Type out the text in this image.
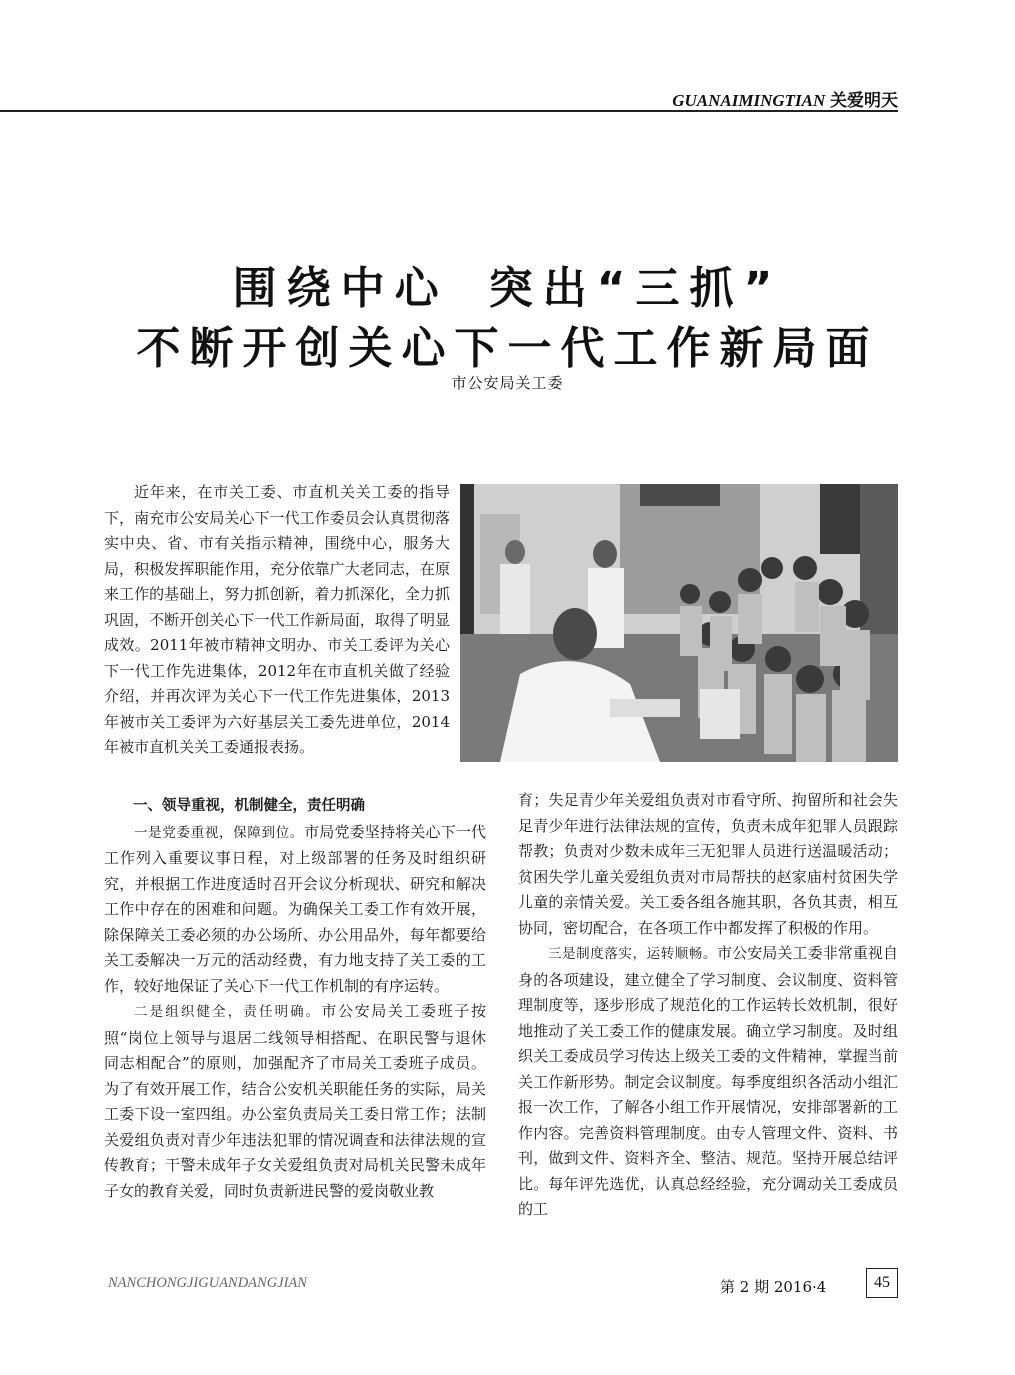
GUANAIMINGTIAN 关爱明天
围绕中心 突出“三抓”
不断开创关心下一代工作新局面
市公安局关工委

近年来，在市关工委、市直机关关工委的指导下，南充市公安局关心下一代工作委员会认真贯彻落实中央、省、市有关指示精神，围绕中心，服务大局，积极发挥职能作用，充分依靠广大老同志，在原来工作的基础上，努力抓创新，着力抓深化，全力抓巩固，不断开创关心下一代工作新局面，取得了明显成效。2011年被市精神文明办、市关工委评为关心下一代工作先进集体，2012年在市直机关做了经验介绍，并再次评为关心下一代工作先进集体，2013年被市关工委评为六好基层关工委先进单位，2014年被市直机关关工委通报表扬。

一、领导重视，机制健全，责任明确

一是党委重视，保障到位。市局党委坚持将关心下一代工作列入重要议事日程，对上级部署的任务及时组织研究，并根据工作进度适时召开会议分析现状、研究和解决工作中存在的困难和问题。为确保关工委工作有效开展，除保障关工委必须的办公场所、办公用品外，每年都要给关工委解决一万元的活动经费，有力地支持了关工委的工作，较好地保证了关心下一代工作机制的有序运转。

二是组织健全，责任明确。市公安局关工委班子按照“岗位上领导与退居二线领导相搭配、在职民警与退休同志相配合”的原则，加强配齐了市局关工委班子成员。为了有效开展工作，结合公安机关职能任务的实际，局关工委下设一室四组。办公室负责局关工委日常工作；法制关爱组负责对青少年违法犯罪的情况调查和法律法规的宣传教育；干警未成年子女关爱组负责对局机关民警未成年子女的教育关爱，同时负责新进民警的爱岗敬业教

育；失足青少年关爱组负责对市看守所、拘留所和社会失足青少年进行法律法规的宣传，负责未成年犯罪人员跟踪帮教；负责对少数未成年三无犯罪人员进行送温暖活动；贫困失学儿童关爱组负责对市局帮扶的赵家庙村贫困失学儿童的亲情关爱。关工委各组各施其职，各负其责，相互协同，密切配合，在各项工作中都发挥了积极的作用。

三是制度落实，运转顺畅。市公安局关工委非常重视自身的各项建设，建立健全了学习制度、会议制度、资料管理制度等，逐步形成了规范化的工作运转长效机制，很好地推动了关工委工作的健康发展。确立学习制度。及时组织关工委成员学习传达上级关工委的文件精神，掌握当前关工作新形势。制定会议制度。每季度组织各活动小组汇报一次工作，了解各小组工作开展情况，安排部署新的工作内容。完善资料管理制度。由专人管理文件、资料、书刊，做到文件、资料齐全、整洁、规范。坚持开展总结评比。每年评先选优，认真总经经验，充分调动关工委成员的工

NANCHONGJIGUANDANGJIAN	第 2 期 2016·4	45
